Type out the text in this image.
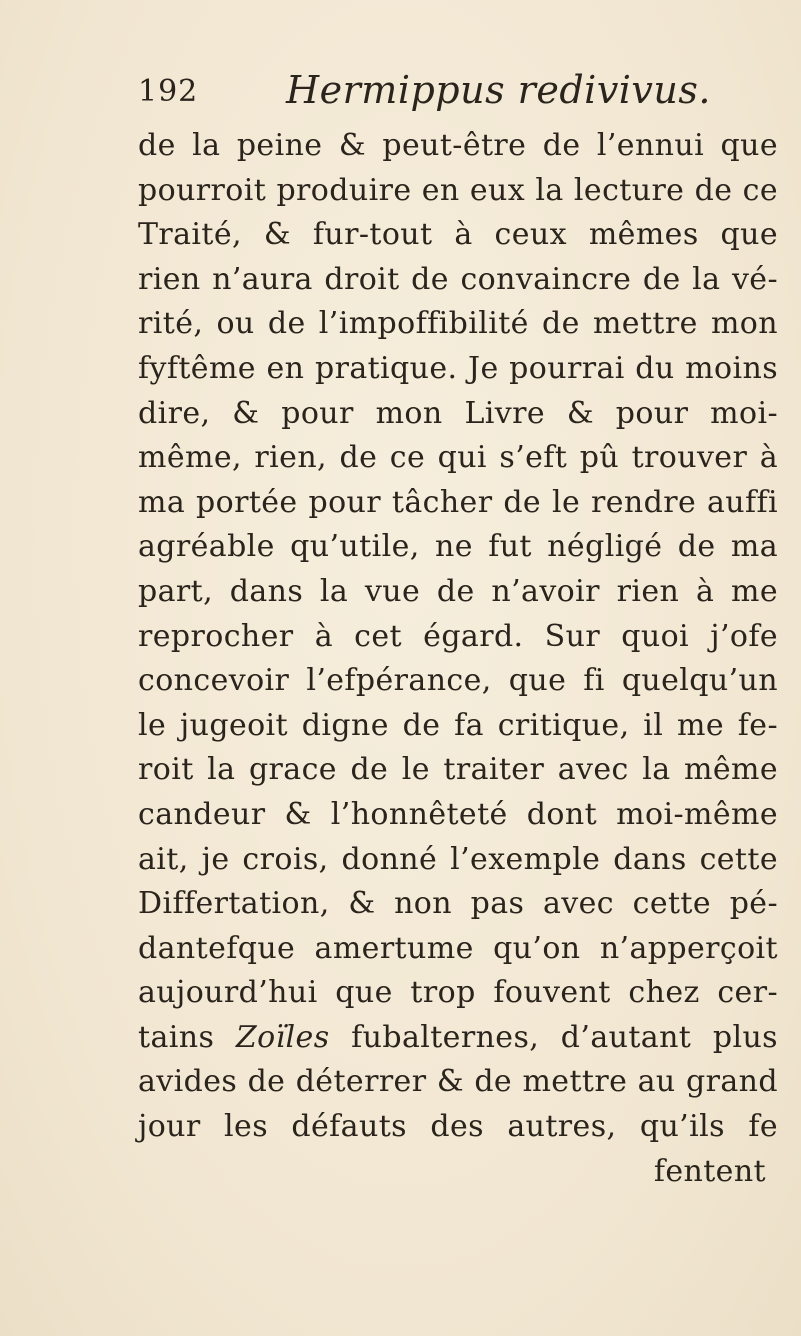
192 Hermippus redivivus.
de la peine & peut-être de l’ennui que
pourroit produire en eux la lecture de ce
Traité, & fur-tout à ceux mêmes que
rien n’aura droit de convaincre de la vé-
rité, ou de l’impoffibilité de mettre mon
fyftême en pratique. Je pourrai du moins
dire, & pour mon Livre & pour moi-
même, rien, de ce qui s’eft pû trouver à
ma portée pour tâcher de le rendre auffi
agréable qu’utile, ne fut négligé de ma
part, dans la vue de n’avoir rien à me
reprocher à cet égard. Sur quoi j’ofe
concevoir l’efpérance, que fi quelqu’un
le jugeoit digne de fa critique, il me fe-
roit la grace de le traiter avec la même
candeur & l’honnêteté dont moi-même
ait, je crois, donné l’exemple dans cette
Differtation, & non pas avec cette pé-
dantefque amertume qu’on n’apperçoit
aujourd’hui que trop fouvent chez cer-
tains Zoïles fubalternes, d’autant plus
avides de déterrer & de mettre au grand
jour les défauts des autres, qu’ils fe
fentent
